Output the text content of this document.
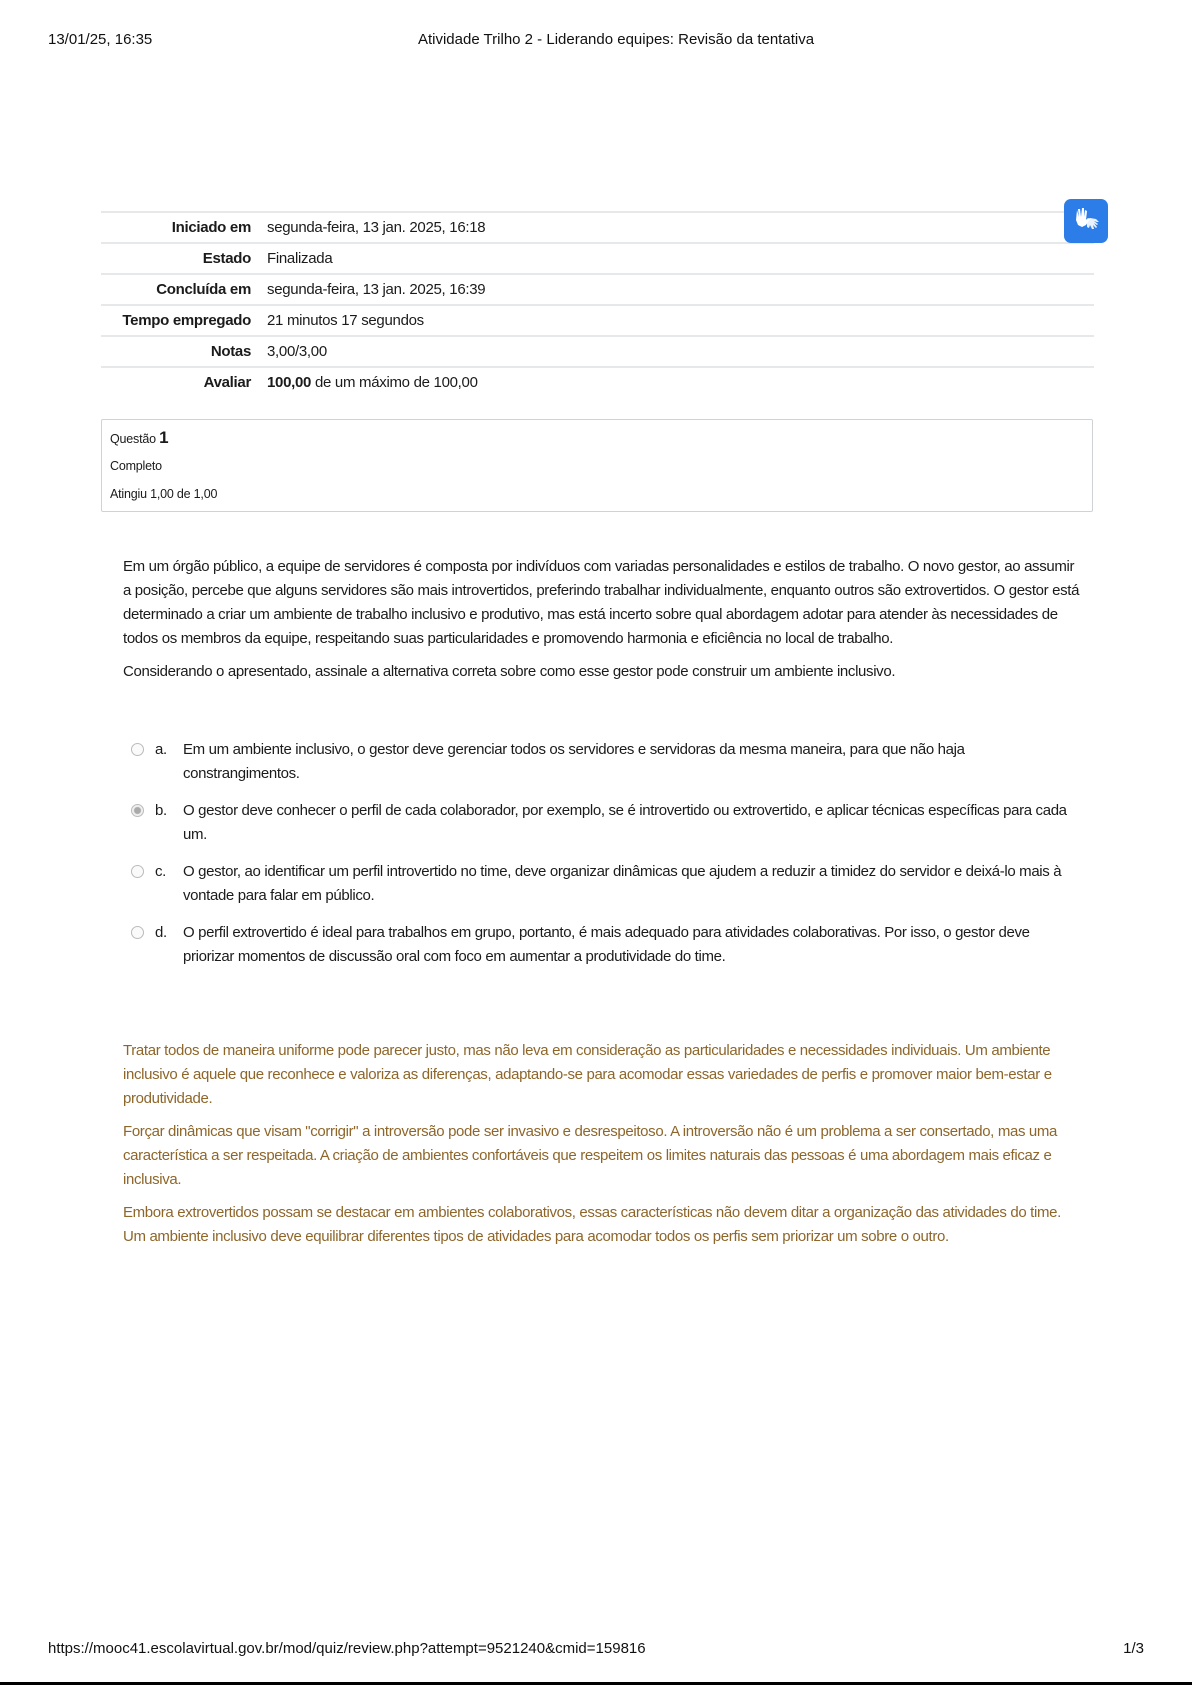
13/01/25, 16:35	Atividade Trilho 2 - Liderando equipes: Revisão da tentativa
Iniciado em	segunda-feira, 13 jan. 2025, 16:18
Estado	Finalizada
Concluída em	segunda-feira, 13 jan. 2025, 16:39
Tempo empregado	21 minutos 17 segundos
Notas	3,00/3,00
Avaliar	100,00 de um máximo de 100,00
Questão 1
Completo
Atingiu 1,00 de 1,00

Em um órgão público, a equipe de servidores é composta por indivíduos com variadas personalidades e estilos de trabalho. O novo gestor, ao assumir a posição, percebe que alguns servidores são mais introvertidos, preferindo trabalhar individualmente, enquanto outros são extrovertidos. O gestor está determinado a criar um ambiente de trabalho inclusivo e produtivo, mas está incerto sobre qual abordagem adotar para atender às necessidades de todos os membros da equipe, respeitando suas particularidades e promovendo harmonia e eficiência no local de trabalho.

Considerando o apresentado, assinale a alternativa correta sobre como esse gestor pode construir um ambiente inclusivo.

a.	Em um ambiente inclusivo, o gestor deve gerenciar todos os servidores e servidoras da mesma maneira, para que não haja constrangimentos.
b.	O gestor deve conhecer o perfil de cada colaborador, por exemplo, se é introvertido ou extrovertido, e aplicar técnicas específicas para cada um.
c.	O gestor, ao identificar um perfil introvertido no time, deve organizar dinâmicas que ajudem a reduzir a timidez do servidor e deixá-lo mais à vontade para falar em público.
d.	O perfil extrovertido é ideal para trabalhos em grupo, portanto, é mais adequado para atividades colaborativas. Por isso, o gestor deve priorizar momentos de discussão oral com foco em aumentar a produtividade do time.

Tratar todos de maneira uniforme pode parecer justo, mas não leva em consideração as particularidades e necessidades individuais. Um ambiente inclusivo é aquele que reconhece e valoriza as diferenças, adaptando-se para acomodar essas variedades de perfis e promover maior bem-estar e produtividade.

Forçar dinâmicas que visam "corrigir" a introversão pode ser invasivo e desrespeitoso. A introversão não é um problema a ser consertado, mas uma característica a ser respeitada. A criação de ambientes confortáveis que respeitem os limites naturais das pessoas é uma abordagem mais eficaz e inclusiva.

Embora extrovertidos possam se destacar em ambientes colaborativos, essas características não devem ditar a organização das atividades do time. Um ambiente inclusivo deve equilibrar diferentes tipos de atividades para acomodar todos os perfis sem priorizar um sobre o outro.

https://mooc41.escolavirtual.gov.br/mod/quiz/review.php?attempt=9521240&cmid=159816	1/3
